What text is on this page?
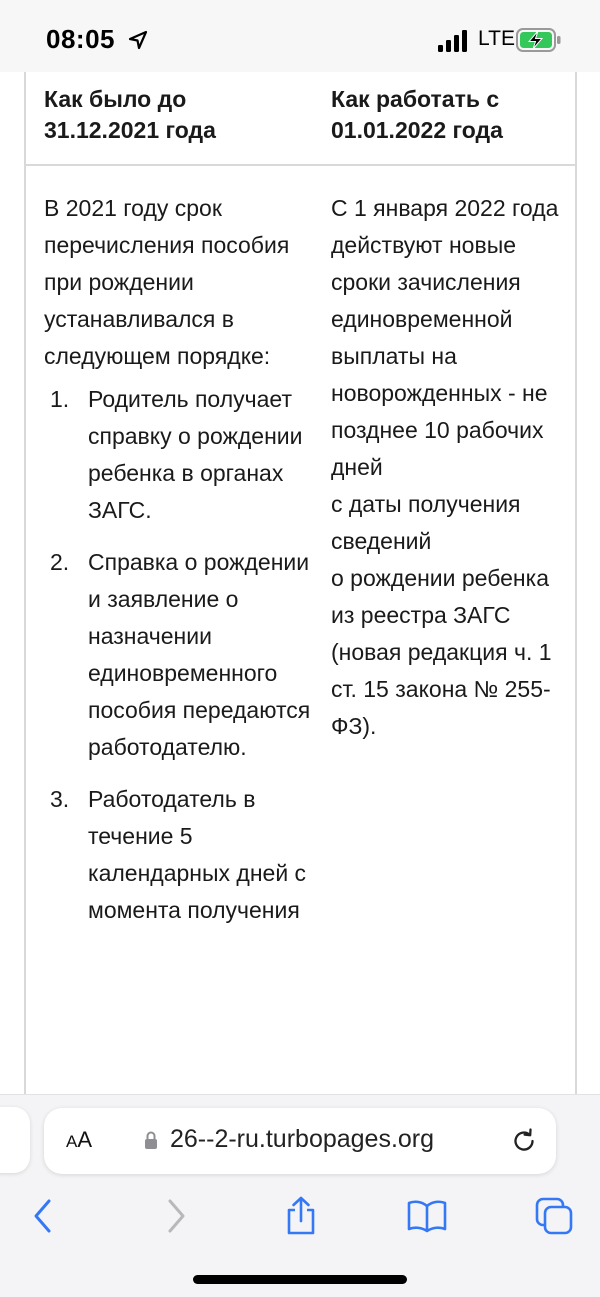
08:05	LTE
Как было до
31.12.2021 года
Как работать с
01.01.2022 года

В 2021 году срок перечисления пособия при рождении устанавливался в следующем порядке:

1. Родитель получает справку о рождении ребенка в органах ЗАГС.
2. Справка о рождении и заявление о назначении единовременного пособия передаются работодателю.
3. Работодатель в течение 5 календарных дней с момента получения
С 1 января 2022 года действуют новые сроки зачисления единовременной выплаты на новорожденных - не позднее 10 рабочих дней
с даты получения сведений
о рождении ребенка
из реестра ЗАГС (новая редакция ч. 1 ст. 15 закона № 255-ФЗ).
AA	26--2-ru.turbopages.org
